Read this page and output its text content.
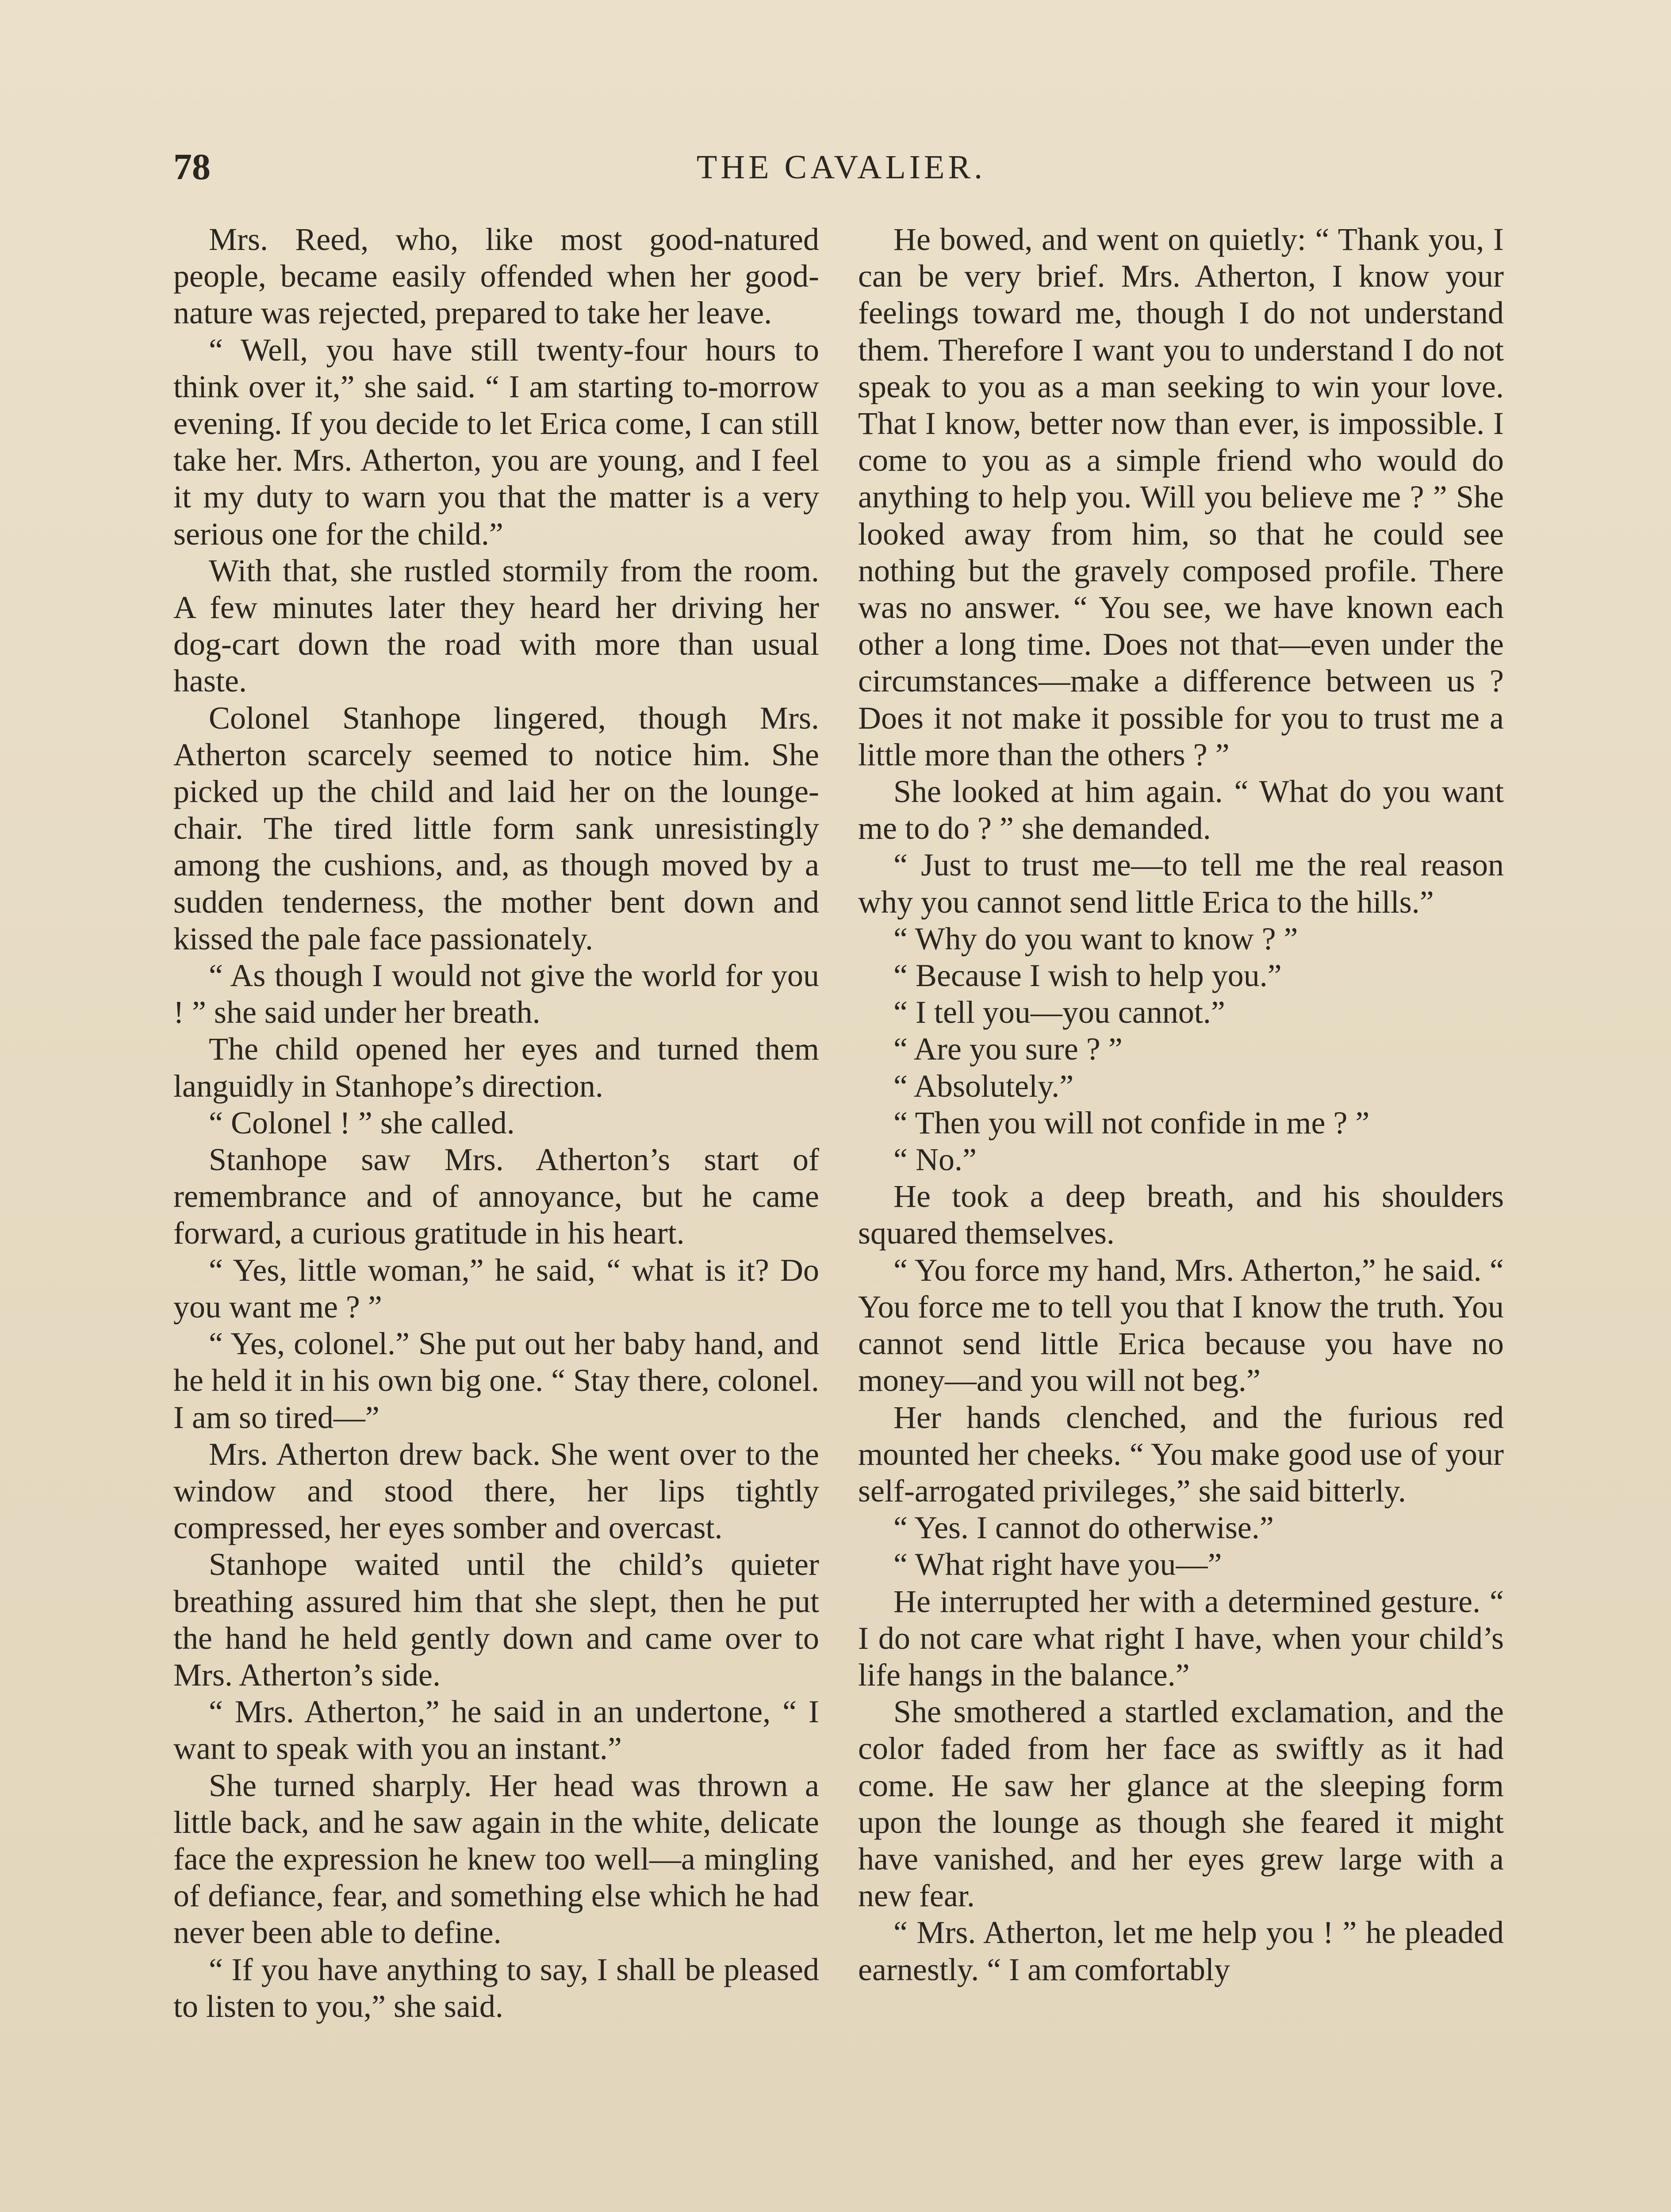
78	THE CAVALIER.

Mrs. Reed, who, like most good-natured people, became easily offended when her good-nature was rejected, prepared to take her leave.

“ Well, you have still twenty-four hours to think over it,” she said. “ I am starting to-morrow evening. If you decide to let Erica come, I can still take her. Mrs. Atherton, you are young, and I feel it my duty to warn you that the matter is a very serious one for the child.”

With that, she rustled stormily from the room. A few minutes later they heard her driving her dog-cart down the road with more than usual haste.

Colonel Stanhope lingered, though Mrs. Atherton scarcely seemed to notice him. She picked up the child and laid her on the lounge-chair. The tired little form sank unresistingly among the cushions, and, as though moved by a sudden tenderness, the mother bent down and kissed the pale face passionately.

“ As though I would not give the world for you ! ” she said under her breath.

The child opened her eyes and turned them languidly in Stanhope’s direction.

“ Colonel ! ” she called.

Stanhope saw Mrs. Atherton’s start of remembrance and of annoyance, but he came forward, a curious gratitude in his heart.

“ Yes, little woman,” he said, “ what is it? Do you want me ? ”

“ Yes, colonel.” She put out her baby hand, and he held it in his own big one. “ Stay there, colonel. I am so tired—”

Mrs. Atherton drew back. She went over to the window and stood there, her lips tightly compressed, her eyes somber and overcast.

Stanhope waited until the child’s quieter breathing assured him that she slept, then he put the hand he held gently down and came over to Mrs. Atherton’s side.

“ Mrs. Atherton,” he said in an undertone, “ I want to speak with you an instant.”

She turned sharply. Her head was thrown a little back, and he saw again in the white, delicate face the expression he knew too well—a mingling of defiance, fear, and something else which he had never been able to define.

“ If you have anything to say, I shall be pleased to listen to you,” she said.

He bowed, and went on quietly: “ Thank you, I can be very brief. Mrs. Atherton, I know your feelings toward me, though I do not understand them. Therefore I want you to understand I do not speak to you as a man seeking to win your love. That I know, better now than ever, is impossible. I come to you as a simple friend who would do anything to help you. Will you believe me ? ” She looked away from him, so that he could see nothing but the gravely composed profile. There was no answer. “ You see, we have known each other a long time. Does not that—even under the circumstances—make a difference between us ? Does it not make it possible for you to trust me a little more than the others ? ”

She looked at him again. “ What do you want me to do ? ” she demanded.

“ Just to trust me—to tell me the real reason why you cannot send little Erica to the hills.”

“ Why do you want to know ? ”

“ Because I wish to help you.”

“ I tell you—you cannot.”

“ Are you sure ? ”

“ Absolutely.”

“ Then you will not confide in me ? ”

“ No.”

He took a deep breath, and his shoulders squared themselves.

“ You force my hand, Mrs. Atherton,” he said. “ You force me to tell you that I know the truth. You cannot send little Erica because you have no money—and you will not beg.”

Her hands clenched, and the furious red mounted her cheeks. “ You make good use of your self-arrogated privileges,” she said bitterly.

“ Yes. I cannot do otherwise.”

“ What right have you—”

He interrupted her with a determined gesture. “ I do not care what right I have, when your child’s life hangs in the balance.”

She smothered a startled exclamation, and the color faded from her face as swiftly as it had come. He saw her glance at the sleeping form upon the lounge as though she feared it might have vanished, and her eyes grew large with a new fear.

“ Mrs. Atherton, let me help you ! ” he pleaded earnestly. “ I am comfortably
